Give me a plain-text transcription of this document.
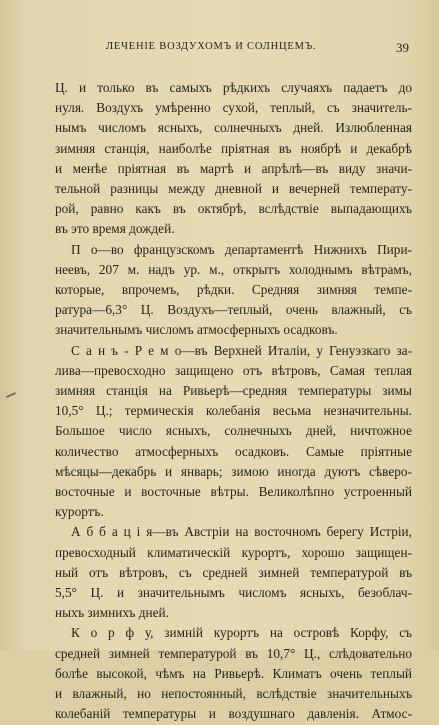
ЛЕЧЕНІЕ ВОЗДУХОМЪ И СОЛНЦЕМЪ.	39

Ц. и только въ самыхъ рѣдкихъ случаяхъ падаетъ до
нуля. Воздухъ умѣренно сухой, теплый, съ значитель-
нымъ числомъ ясныхъ, солнечныхъ дней. Излюбленная
зимняя станція, наиболѣе пріятная въ ноябрѣ и декабрѣ
и менѣе пріятная въ мартѣ и апрѣлѣ—въ виду значи-
тельной разницы между дневной и вечерней температу-
рой, равно какъ въ октябрѣ, вслѣдствіе выпадающихъ
въ это время дождей.

П о—во французскомъ департаментѣ Нижнихъ Пири-
неевъ, 207 м. надъ ур. м., открытъ холоднымъ вѣтрамъ,
которые, впрочемъ, рѣдки. Средняя зимняя темпе-
ратура—6,3° Ц. Воздухъ—теплый, очень влажный, съ
значительнымъ числомъ атмосферныхъ осадковъ.

С а н ъ - Р е м о—въ Верхней Италіи, у Генуэзкаго за-
лива—превосходно защищено отъ вѣтровъ, Самая теплая
зимняя станція на Ривьерѣ—средняя температуры зимы
10,5° Ц.; термическія колебанія весьма незначительны.
Большое число ясныхъ, солнечныхъ дней, ничтожное
количество атмосферныхъ осадковъ. Самые пріятные
мѣсяцы—декабрь и январь; зимою иногда дуютъ сѣверо-
восточные и восточные вѣтры. Великолѣпно устроенный
курортъ.

А б б а ц і я—въ Австріи на восточномъ берегу Истріи,
превосходный климатическій курортъ, хорошо защищен-
ный отъ вѣтровъ, съ средней зимней температурой въ
5,5° Ц. и значительнымъ числомъ ясныхъ, безоблач-
ныхъ зимнихъ дней.

К о р ф у, зимній курортъ на островѣ Корфу, съ
средней зимней температурой въ 10,7° Ц., слѣдовательно
болѣе высокой, чѣмъ на Ривьерѣ. Климатъ очень теплый
и влажный, но непостоянный, вслѣдствіе значительныхъ
колебаній температуры и воздушнаго давленія. Атмос-
